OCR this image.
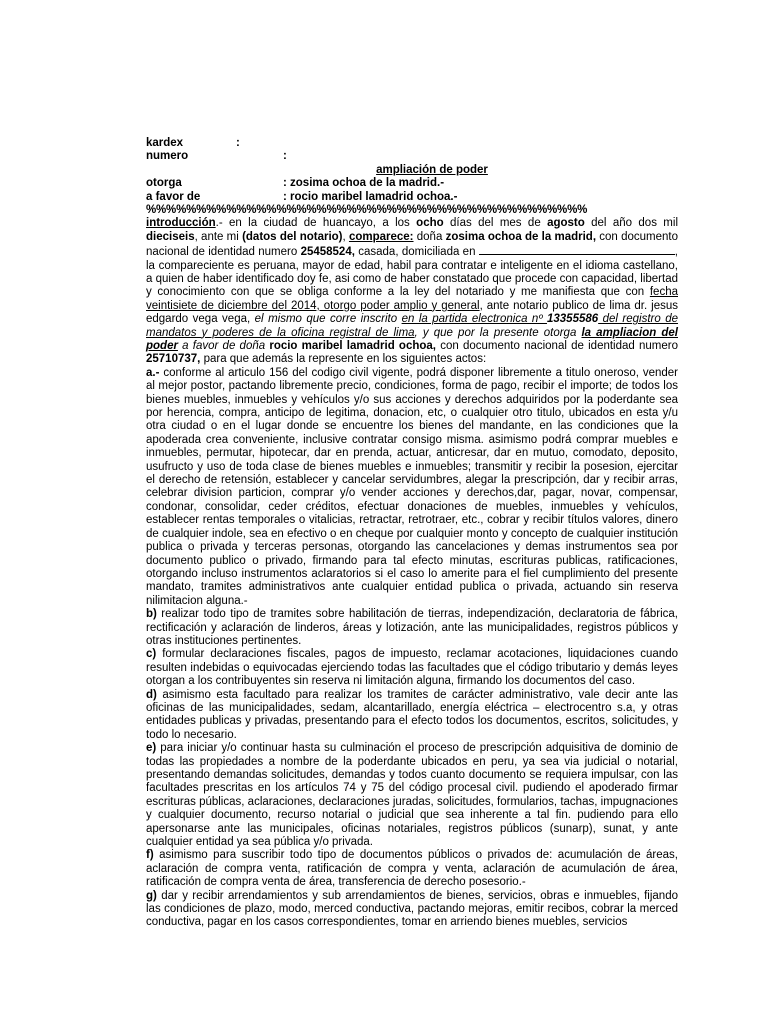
kardex	:
numero	:
ampliación de poder
otorga	: zosima ochoa de la madrid.-
a favor de	: rocio maribel lamadrid ochoa.-
%%%%%%%%%%%%%%%%%%%%%%%%%%%%%%%%%%%%%%%%%%%%

introducción.- en la ciudad de huancayo, a los ocho días del mes de agosto del año dos mil dieciseis, ante mi (datos del notario), comparece: doña zosima ochoa de la madrid, con documento nacional de identidad numero 25458524, casada, domiciliada en	, la compareciente es peruana, mayor de edad, habil para contratar e inteligente en el idioma castellano, a quien de haber identificado doy fe, asi como de haber constatado que procede con capacidad, libertad y conocimiento con que se obliga conforme a la ley del notariado y me manifiesta que con fecha veintisiete de diciembre del 2014, otorgo poder amplio y general, ante notario publico de lima dr. jesus edgardo vega vega, el mismo que corre inscrito en la partida electronica nº 13355586 del registro de mandatos y poderes de la oficina registral de lima, y que por la presente otorga la ampliacion del poder a favor de doña rocio maribel lamadrid ochoa, con documento nacional de identidad numero 25710737, para que además la represente en los siguientes actos:

a.- conforme al articulo 156 del codigo civil vigente, podrá disponer libremente a titulo oneroso, vender al mejor postor, pactando libremente precio, condiciones, forma de pago, recibir el importe; de todos los bienes muebles, inmuebles y vehículos y/o sus acciones y derechos adquiridos por la poderdante sea por herencia, compra, anticipo de legitima, donacion, etc, o cualquier otro titulo, ubicados en esta y/u otra ciudad o en el lugar donde se encuentre los bienes del mandante, en las condiciones que la apoderada crea conveniente, inclusive contratar consigo misma. asimismo podrá comprar muebles e inmuebles, permutar, hipotecar, dar en prenda, actuar, anticresar, dar en mutuo, comodato, deposito, usufructo y uso de toda clase de bienes muebles e inmuebles; transmitir y recibir la posesion, ejercitar el derecho de retensión, establecer y cancelar servidumbres, alegar la prescripción, dar y recibir arras, celebrar division particion, comprar y/o vender acciones y derechos,dar, pagar, novar, compensar, condonar, consolidar, ceder créditos, efectuar donaciones de muebles, inmuebles y vehículos, establecer rentas temporales o vitalicias, retractar, retrotraer, etc., cobrar y recibir títulos valores, dinero de cualquier indole, sea en efectivo o en cheque por cualquier monto y concepto de cualquier institución publica o privada y terceras personas, otorgando las cancelaciones y demas instrumentos sea por documento publico o privado, firmando para tal efecto minutas, escrituras publicas, ratificaciones, otorgando incluso instrumentos aclaratorios si el caso lo amerite para el fiel cumplimiento del presente mandato, tramites administrativos ante cualquier entidad publica o privada, actuando sin reserva nilimitacion alguna.-

b) realizar todo tipo de tramites sobre habilitación de tierras, independización, declaratoria de fábrica, rectificación y aclaración de linderos, áreas y lotización, ante las municipalidades, registros públicos y otras instituciones pertinentes.

c) formular declaraciones fiscales, pagos de impuesto, reclamar acotaciones, liquidaciones cuando resulten indebidas o equivocadas ejerciendo todas las facultades que el código tributario y demás leyes otorgan a los contribuyentes sin reserva ni limitación alguna, firmando los documentos del caso.

d) asimismo esta facultado para realizar los tramites de carácter administrativo, vale decir ante las oficinas de las municipalidades, sedam, alcantarillado, energía eléctrica – electrocentro s.a, y otras entidades publicas y privadas, presentando para el efecto todos los documentos, escritos, solicitudes, y todo lo necesario.

e) para iniciar y/o continuar hasta su culminación el proceso de prescripción adquisitiva de dominio de todas las propiedades a nombre de la poderdante ubicados en peru, ya sea via judicial o notarial, presentando demandas solicitudes, demandas y todos cuanto documento se requiera impulsar, con las facultades prescritas en los artículos 74 y 75 del código procesal civil. pudiendo el apoderado firmar escrituras públicas, aclaraciones, declaraciones juradas, solicitudes, formularios, tachas, impugnaciones y cualquier documento, recurso notarial o judicial que sea inherente a tal fin. pudiendo para ello apersonarse ante las municipales, oficinas notariales, registros públicos (sunarp), sunat, y ante cualquier entidad ya sea pública y/o privada.

f) asimismo para suscribir todo tipo de documentos públicos o privados de: acumulación de áreas, aclaración de compra venta, ratificación de compra y venta, aclaración de acumulación de área, ratificación de compra venta de área, transferencia de derecho posesorio.-

g) dar y recibir arrendamientos y sub arrendamientos de bienes, servicios, obras e inmuebles, fijando las condiciones de plazo, modo, merced conductiva, pactando mejoras, emitir recibos, cobrar la merced conductiva, pagar en los casos correspondientes, tomar en arriendo bienes muebles, servicios
